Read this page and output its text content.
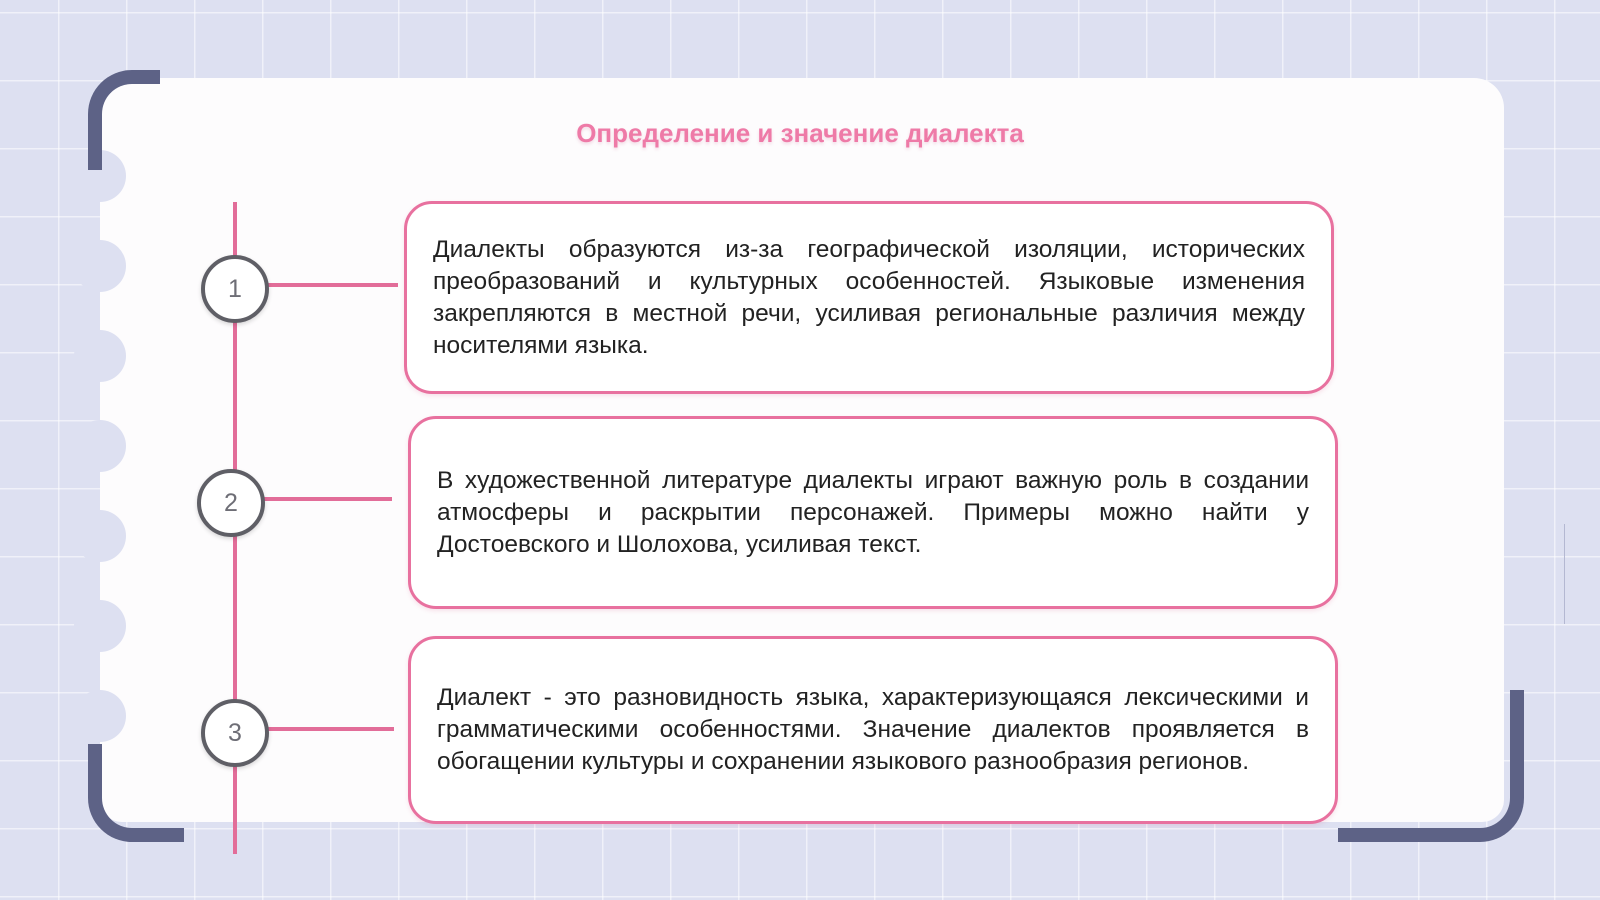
Определение и значение диалекта
1
2
3

Диалекты образуются из-за географической изоляции, исторических преобразований и культурных особенностей. Языковые изменения закрепляются в местной речи, усиливая региональные различия между носителями языка.

В художественной литературе диалекты играют важную роль в создании атмосферы и раскрытии персонажей. Примеры можно найти у Достоевского и Шолохова, усиливая текст.

Диалект - это разновидность языка, характеризующаяся лексическими и грамматическими особенностями. Значение диалектов проявляется в обогащении культуры и сохранении языкового разнообразия регионов.
